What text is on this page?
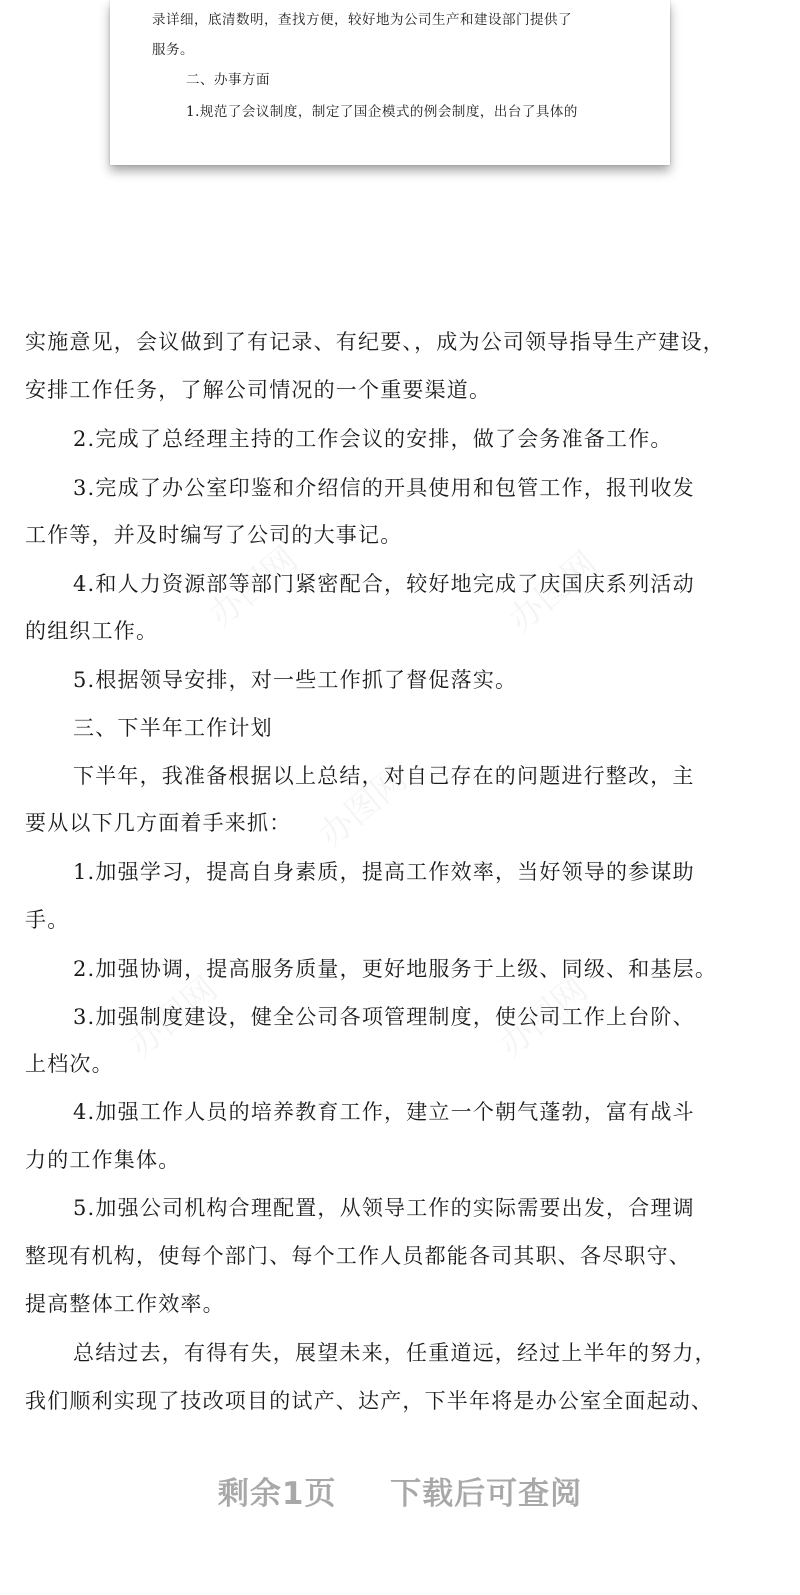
录详细，底清数明，查找方便，较好地为公司生产和建设部门提供了

服务。

二、办事方面

1.规范了会议制度，制定了国企模式的例会制度，出台了具体的

实施意见，会议做到了有记录、有纪要、，成为公司领导指导生产建设，

安排工作任务，了解公司情况的一个重要渠道。

2.完成了总经理主持的工作会议的安排，做了会务准备工作。

3.完成了办公室印鉴和介绍信的开具使用和包管工作，报刊收发

工作等，并及时编写了公司的大事记。

4.和人力资源部等部门紧密配合，较好地完成了庆国庆系列活动

的组织工作。

5.根据领导安排，对一些工作抓了督促落实。

三、下半年工作计划

下半年，我准备根据以上总结，对自己存在的问题进行整改，主

要从以下几方面着手来抓：

1.加强学习，提高自身素质，提高工作效率，当好领导的参谋助

手。

2.加强协调，提高服务质量，更好地服务于上级、同级、和基层。

3.加强制度建设，健全公司各项管理制度，使公司工作上台阶、

上档次。

4.加强工作人员的培养教育工作，建立一个朝气蓬勃，富有战斗

力的工作集体。

5.加强公司机构合理配置，从领导工作的实际需要出发，合理调

整现有机构，使每个部门、每个工作人员都能各司其职、各尽职守、

提高整体工作效率。

总结过去，有得有失，展望未来，任重道远，经过上半年的努力，

我们顺利实现了技改项目的试产、达产，下半年将是办公室全面起动、

剩余1页 下载后可查阅
